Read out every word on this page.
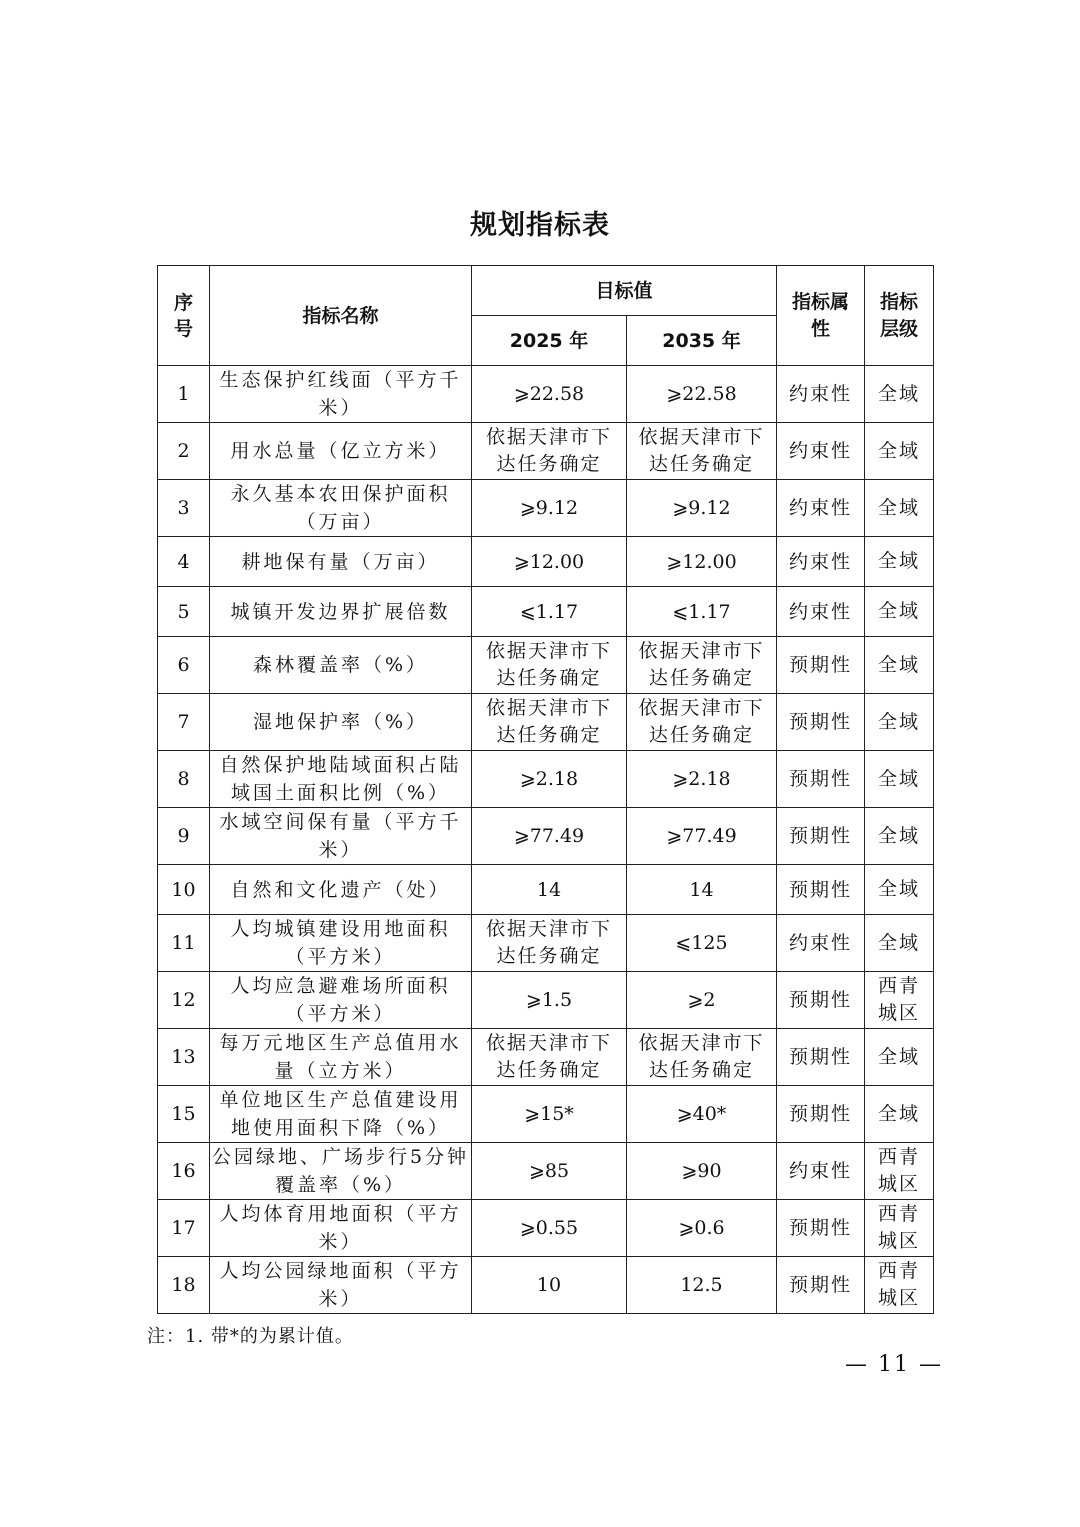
规划指标表
序号	指标名称	目标值		指标属性	指标层级

		2025 年	2035 年		
1	生态保护红线面（平方千米）	⩾22.58	⩾22.58	约束性	全域

2	用水总量（亿立方米）	依据天津市下达任务确定	依据天津市下达任务确定	约束性	全域

3	永久基本农田保护面积（万亩）	⩾9.12	⩾9.12	约束性	全域

4	耕地保有量（万亩）	⩾12.00	⩾12.00	约束性	全域

5	城镇开发边界扩展倍数	⩽1.17	⩽1.17	约束性	全域

6	森林覆盖率（%）	依据天津市下达任务确定	依据天津市下达任务确定	预期性	全域

7	湿地保护率（%）	依据天津市下达任务确定	依据天津市下达任务确定	预期性	全域

8	自然保护地陆域面积占陆域国土面积比例（%）	⩾2.18	⩾2.18	预期性	全域

9	水域空间保有量（平方千米）	⩾77.49	⩾77.49	预期性	全域

10	自然和文化遗产（处）	14	14	预期性	全域

11	人均城镇建设用地面积（平方米）	依据天津市下达任务确定	⩽125	约束性	全域

12	人均应急避难场所面积（平方米）	⩾1.5	⩾2	预期性	西青城区

13	每万元地区生产总值用水量（立方米）	依据天津市下达任务确定	依据天津市下达任务确定	预期性	全域

15	单位地区生产总值建设用地使用面积下降（%）	⩾15*	⩾40*	预期性	全域

16	公园绿地、广场步行5分钟覆盖率（%）	⩾85	⩾90	约束性	西青城区

17	人均体育用地面积（平方米）	⩾0.55	⩾0.6	预期性	西青城区

18	人均公园绿地面积（平方米）	10	12.5	预期性	西青城区
注：1. 带*的为累计值。
— 11 —
